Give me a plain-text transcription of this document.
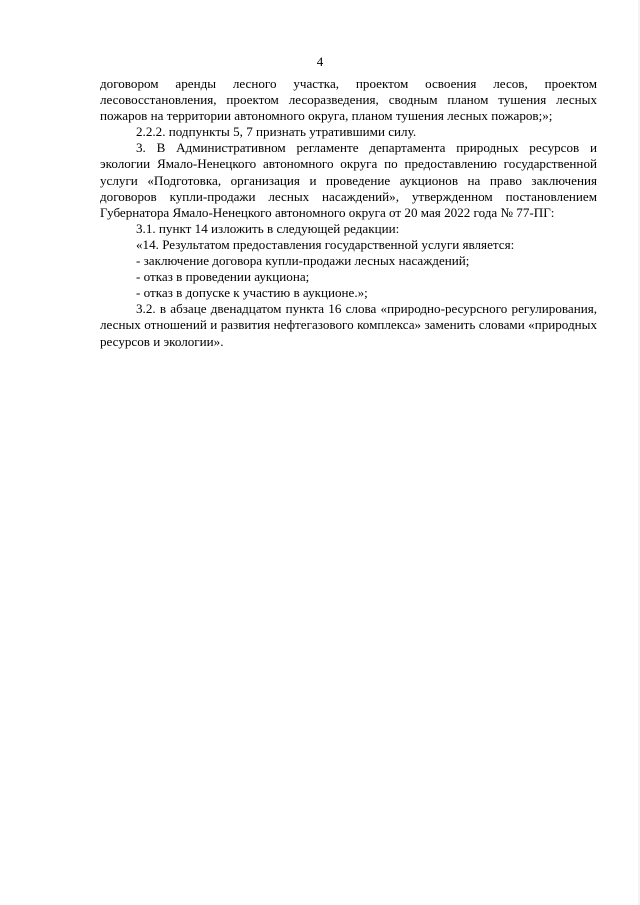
4

договором аренды лесного участка, проектом освоения лесов, проектом лесовосстановления, проектом лесоразведения, сводным планом тушения лесных пожаров на территории автономного округа, планом тушения лесных пожаров;»;

2.2.2. подпункты 5, 7 признать утратившими силу.

3. В Административном регламенте департамента природных ресурсов и экологии Ямало-Ненецкого автономного округа по предоставлению государственной услуги «Подготовка, организация и проведение аукционов на право заключения договоров купли-продажи лесных насаждений», утвержденном постановлением Губернатора Ямало-Ненецкого автономного округа от 20 мая 2022 года № 77-ПГ:

3.1. пункт 14 изложить в следующей редакции:

«14. Результатом предоставления государственной услуги является:

- заключение договора купли-продажи лесных насаждений;

- отказ в проведении аукциона;

- отказ в допуске к участию в аукционе.»;

3.2. в абзаце двенадцатом пункта 16 слова «природно-ресурсного регулирования, лесных отношений и развития нефтегазового комплекса» заменить словами «природных ресурсов и экологии».
